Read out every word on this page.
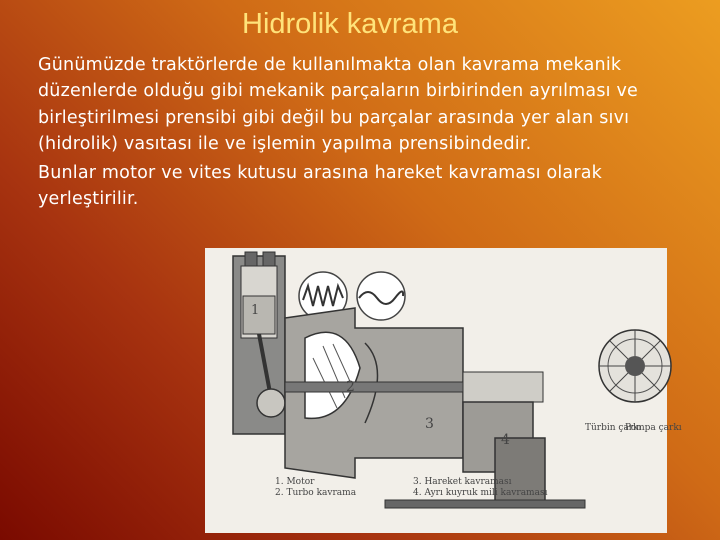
Hidrolik kavrama

Günümüzde traktörlerde de kullanılmakta olan kavrama mekanik düzenlerde olduğu gibi mekanik parçaların birbirinden ayrılması ve birleştirilmesi prensibi gibi değil bu parçalar arasında yer alan sıvı (hidrolik) vasıtası ile ve işlemin yapılma prensibindedir.

Bunlar motor ve vites kutusu arasına hareket kavraması olarak yerleştirilir.

1
2
3
4
1. Motor
2. Turbo kavrama
3. Hareket kavraması
4. Ayrı kuyruk mili kavraması
Türbin çarkı
Pompa çarkı
